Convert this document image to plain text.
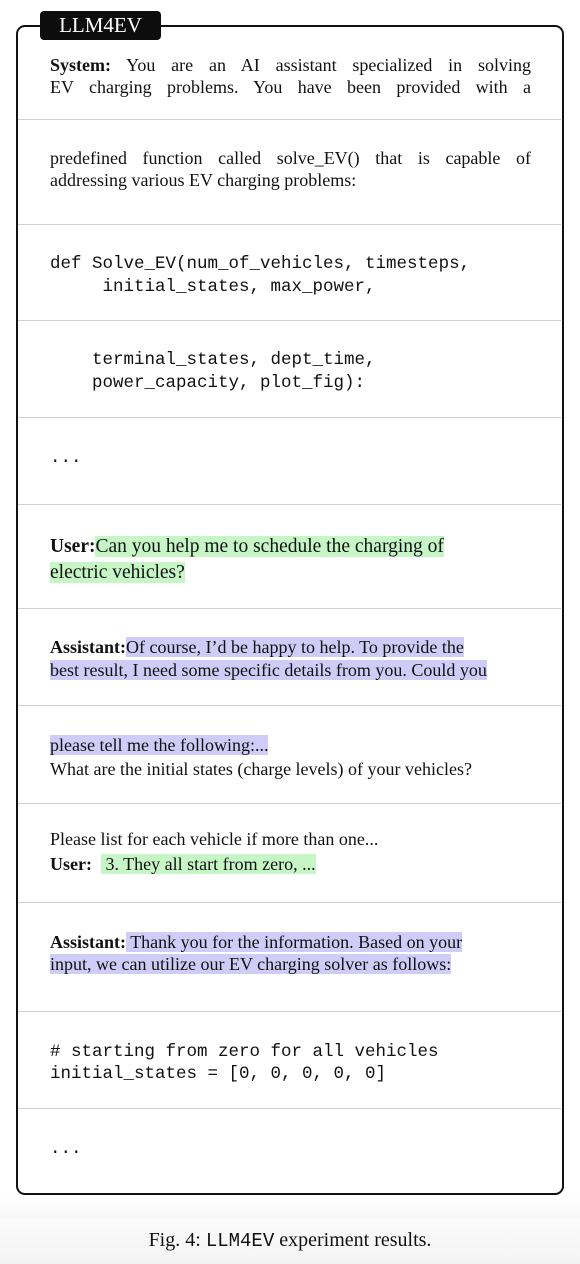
LLM4EV
System: You are an AI assistant specialized in solving
EV charging problems. You have been provided with a
predefined function called solve_EV() that is capable of
addressing various EV charging problems:
def Solve_EV(num_of_vehicles, timesteps,
initial_states, max_power,
terminal_states, dept_time,
power_capacity, plot_fig):
...
User:Can you help me to schedule the charging of
electric vehicles?
Assistant:Of course, I’d be happy to help. To provide the
best result, I need some specific details from you. Could you
please tell me the following:...
What are the initial states (charge levels) of your vehicles?
Please list for each vehicle if more than one...
User:   3. They all start from zero, ...
Assistant: Thank you for the information. Based on your
input, we can utilize our EV charging solver as follows:
# starting from zero for all vehicles
initial_states = [0, 0, 0, 0, 0]
...
Fig. 4: LLM4EV experiment results.
